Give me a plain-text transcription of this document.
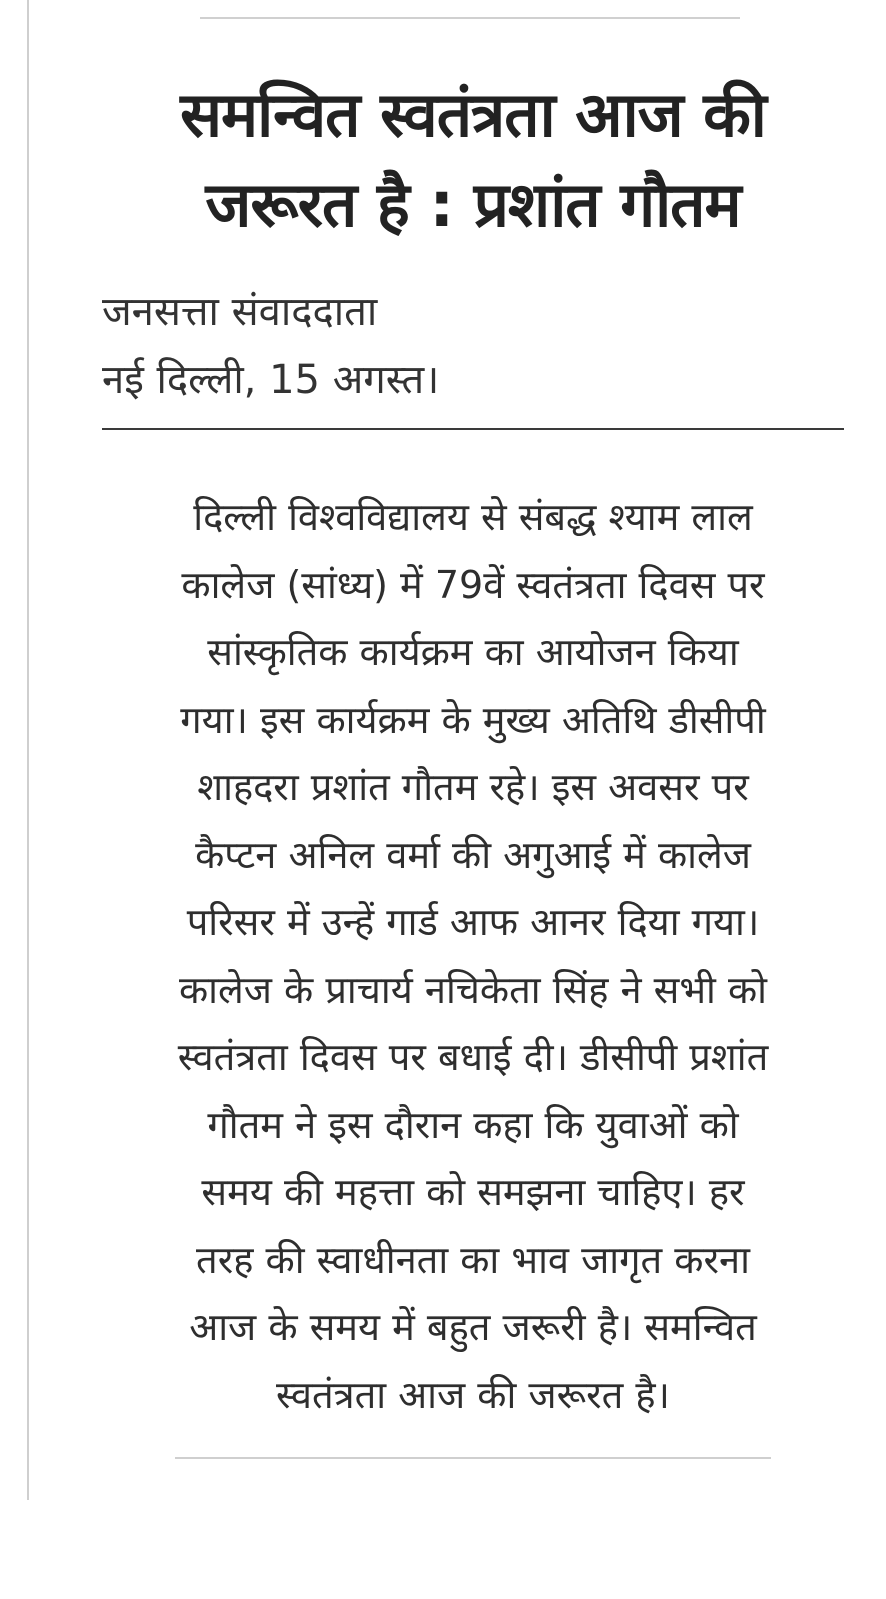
समन्वित स्वतंत्रता आज की
जरूरत है : प्रशांत गौतम
जनसत्ता संवाददाता
नई दिल्ली, 15 अगस्त।
दिल्ली विश्वविद्यालय से संबद्ध श्याम लाल
कालेज (सांध्य) में 79वें स्वतंत्रता दिवस पर
सांस्कृतिक कार्यक्रम का आयोजन किया
गया। इस कार्यक्रम के मुख्य अतिथि डीसीपी
शाहदरा प्रशांत गौतम रहे। इस अवसर पर
कैप्टन अनिल वर्मा की अगुआई में कालेज
परिसर में उन्हें गार्ड आफ आनर दिया गया।
कालेज के प्राचार्य नचिकेता सिंह ने सभी को
स्वतंत्रता दिवस पर बधाई दी। डीसीपी प्रशांत
गौतम ने इस दौरान कहा कि युवाओं को
समय की महत्ता को समझना चाहिए। हर
तरह की स्वाधीनता का भाव जागृत करना
आज के समय में बहुत जरूरी है। समन्वित
स्वतंत्रता आज की जरूरत है।
